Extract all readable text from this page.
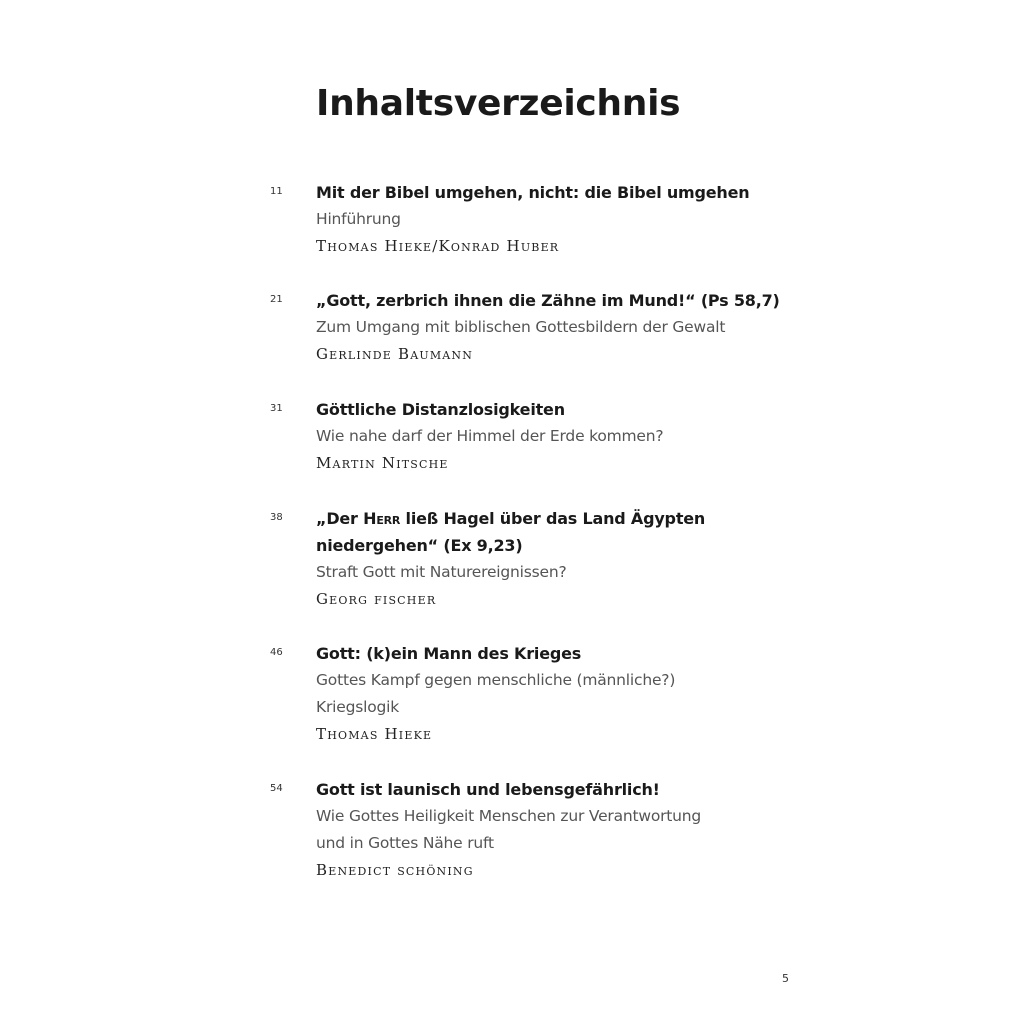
Inhaltsverzeichnis
11	Mit der Bibel umgehen, nicht: die Bibel umgehen
Hinführung
Thomas Hieke/Konrad Huber
21	„Gott, zerbrich ihnen die Zähne im Mund!“ (Ps 58,7)
Zum Umgang mit biblischen Gottesbildern der Gewalt
Gerlinde Baumann
31	Göttliche Distanzlosigkeiten
Wie nahe darf der Himmel der Erde kommen?
Martin Nitsche
38	„Der Herr ließ Hagel über das Land Ägypten
niedergehen“ (Ex 9,23)
Straft Gott mit Naturereignissen?
Georg fischer
46	Gott: (k)ein Mann des Krieges
Gottes Kampf gegen menschliche (männliche?)
Kriegslogik
Thomas Hieke
54	Gott ist launisch und lebensgefährlich!
Wie Gottes Heiligkeit Menschen zur Verantwortung
und in Gottes Nähe ruft
Benedict schöning
5
